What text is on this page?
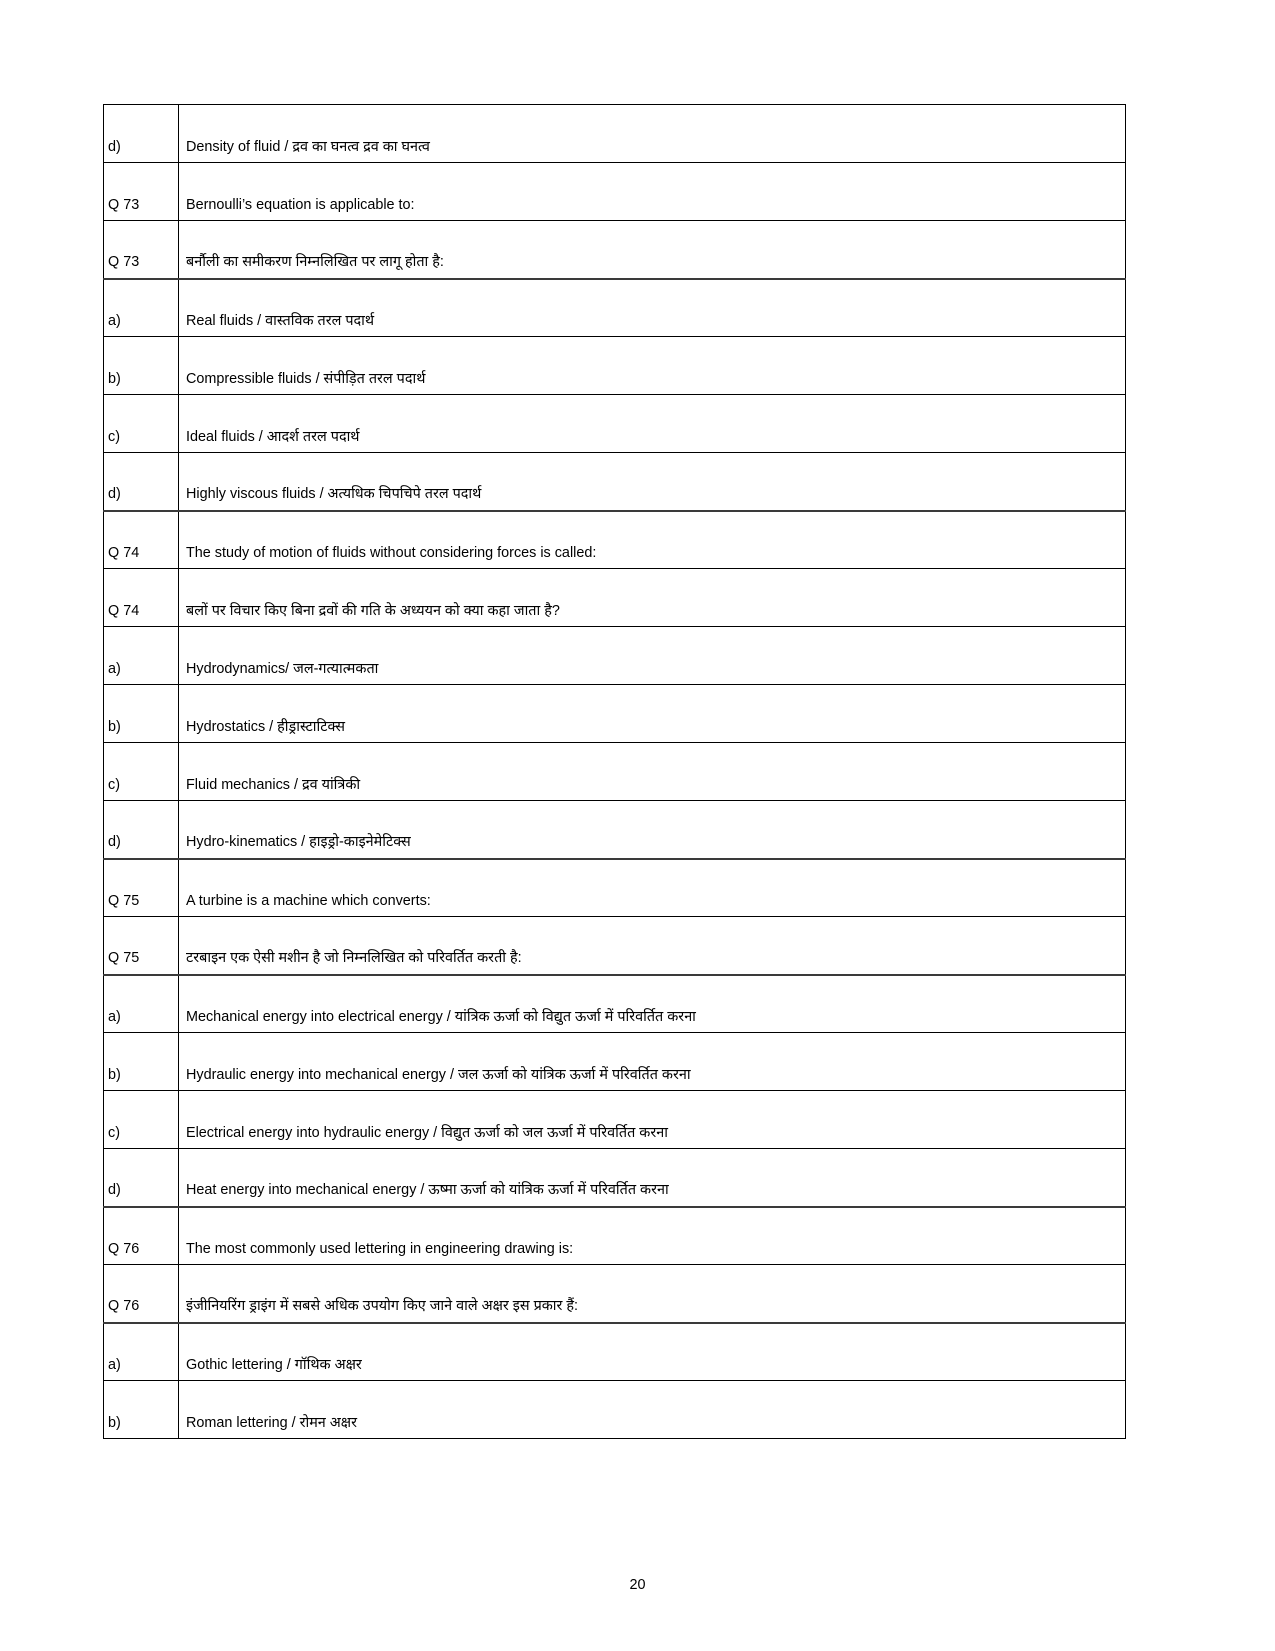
d)	Density of fluid / द्रव का घनत्व द्रव का घनत्व
Q 73	Bernoulli’s equation is applicable to:
Q 73	बर्नौली का समीकरण निम्नलिखित पर लागू होता है:
a)	Real fluids / वास्तविक तरल पदार्थ
b)	Compressible fluids / संपीड़ित तरल पदार्थ
c)	Ideal fluids / आदर्श तरल पदार्थ
d)	Highly viscous fluids / अत्यधिक चिपचिपे तरल पदार्थ
Q 74	The study of motion of fluids without considering forces is called:
Q 74	बलों पर विचार किए बिना द्रवों की गति के अध्ययन को क्या कहा जाता है?
a)	Hydrodynamics/ जल-गत्यात्मकता
b)	Hydrostatics / हीड्रास्टाटिक्स
c)	Fluid mechanics / द्रव यांत्रिकी
d)	Hydro-kinematics / हाइड्रो-काइनेमेटिक्स
Q 75	A turbine is a machine which converts:
Q 75	टरबाइन एक ऐसी मशीन है जो निम्नलिखित को परिवर्तित करती है:
a)	Mechanical energy into electrical energy / यांत्रिक ऊर्जा को विद्युत ऊर्जा में परिवर्तित करना
b)	Hydraulic energy into mechanical energy / जल ऊर्जा को यांत्रिक ऊर्जा में परिवर्तित करना
c)	Electrical energy into hydraulic energy / विद्युत ऊर्जा को जल ऊर्जा में परिवर्तित करना
d)	Heat energy into mechanical energy / ऊष्मा ऊर्जा को यांत्रिक ऊर्जा में परिवर्तित करना
Q 76	The most commonly used lettering in engineering drawing is:
Q 76	इंजीनियरिंग ड्राइंग में सबसे अधिक उपयोग किए जाने वाले अक्षर इस प्रकार हैं:
a)	Gothic lettering / गॉथिक अक्षर
b)	Roman lettering / रोमन अक्षर
20
